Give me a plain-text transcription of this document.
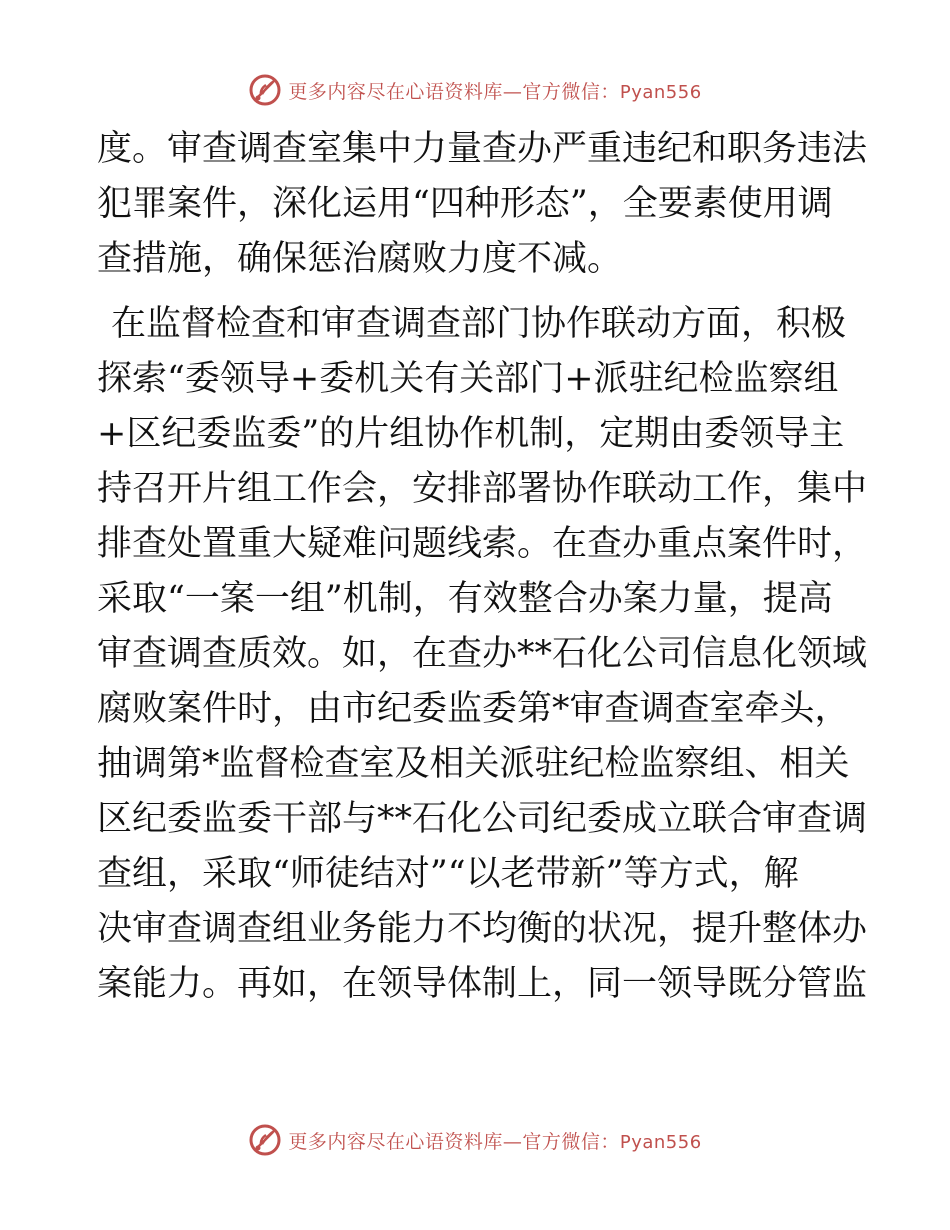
更多内容尽在心语资料库—官方微信：Pyan556
度。审查调查室集中力量查办严重违纪和职务违法
犯罪案件，深化运用“四种形态”，全要素使用调
查措施，确保惩治腐败力度不减。
在监督检查和审查调查部门协作联动方面，积极
探索“委领导+委机关有关部门+派驻纪检监察组
+区纪委监委”的片组协作机制，定期由委领导主
持召开片组工作会，安排部署协作联动工作，集中
排查处置重大疑难问题线索。在查办重点案件时，
采取“一案一组”机制，有效整合办案力量，提高
审查调查质效。如，在查办**石化公司信息化领域
腐败案件时，由市纪委监委第*审查调查室牵头，
抽调第*监督检查室及相关派驻纪检监察组、相关
区纪委监委干部与**石化公司纪委成立联合审查调
查组，采取“师徒结对”“以老带新”等方式，解
决审查调查组业务能力不均衡的状况，提升整体办
案能力。再如，在领导体制上，同一领导既分管监
更多内容尽在心语资料库—官方微信：Pyan556
